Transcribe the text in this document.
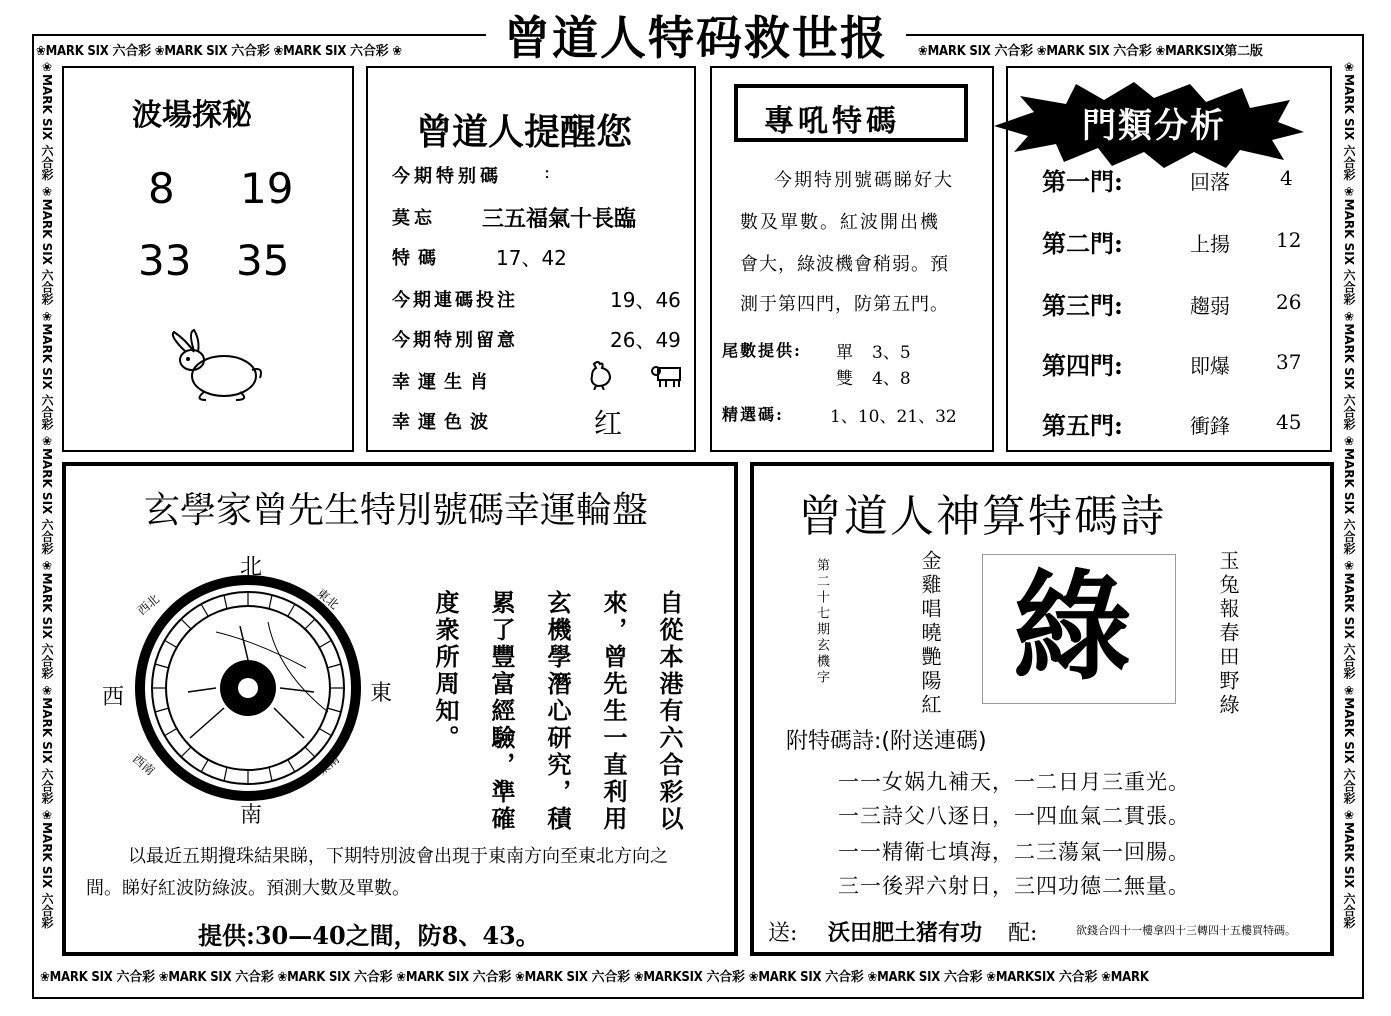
❀MARK SIX 六合彩 ❀MARK SIX 六合彩 ❀MARK SIX 六合彩 ❀	❀MARK SIX 六合彩 ❀MARK SIX 六合彩 ❀MARKSIX第二版
❀MARK SIX 六合彩 ❀MARK SIX 六合彩 ❀MARK SIX 六合彩 ❀MARK SIX 六合彩 ❀MARK SIX 六合彩 ❀MARKSIX 六合彩 ❀MARK SIX 六合彩 ❀MARK SIX 六合彩 ❀MARKSIX 六合彩 ❀MARK
❀MARK SIX 六合彩 ❀MARK SIX 六合彩 ❀MARK SIX 六合彩 ❀MARK SIX 六合彩 ❀MARK SIX 六合彩 ❀MARK SIX 六合彩 ❀MARK SIX 六合彩	❀MARK SIX 六合彩 ❀MARK SIX 六合彩 ❀MARK SIX 六合彩 ❀MARK SIX 六合彩 ❀MARK SIX 六合彩 ❀MARK SIX 六合彩 ❀MARK SIX 六合彩
曾道人特码救世报
波場探秘
8 19
33 35
曾道人提醒您
今期特别碼 :
莫忘 三五福氣十長臨
特碼	17、42
今期連碼投注	19、46
今期特別留意	26、49
幸運生肖
幸運色波	红
專吼特碼
今期特別號碼睇好大
數及單數。紅波開出機
會大，綠波機會稍弱。預
測于第四門，防第五門。
尾數提供: 單 3、5
雙 4、8
精選碼:	1、10、21、32
門類分析
第一門:	回落	4
第二門:	上揚 12
第三門:	趨弱 26
第四門:	即爆 37
第五門:	衝鋒 45
玄學家曾先生特別號碼幸運輪盤
北
南
西	東
西北	東北
西南	東南	自從本港有六合彩以
來，曾先生一直利用
玄機學潛心研究，積
累了豐富經驗，準確
度衆所周知。
以最近五期攪珠結果睇，下期特別波會出現于東南方向至東北方向之
間。睇好紅波防綠波。預測大數及單數。
提供:30—40之間，防8、43。
曾道人神算特碼詩
第二十七期玄機字	金雞唱曉艷陽紅 綠	玉兔報春田野綠
附特碼詩:(附送連碼)
一一女娲九補天，一二日月三重光。
一三詩父八逐日，一四血氣二貫張。
一一精衛七填海，二三蕩氣一回腸。
三一後羿六射日，三四功德二無量。
送: 沃田肥土猪有功 配:	欲錢合四十一樓拿四十三轉四十五樓買特碼。
